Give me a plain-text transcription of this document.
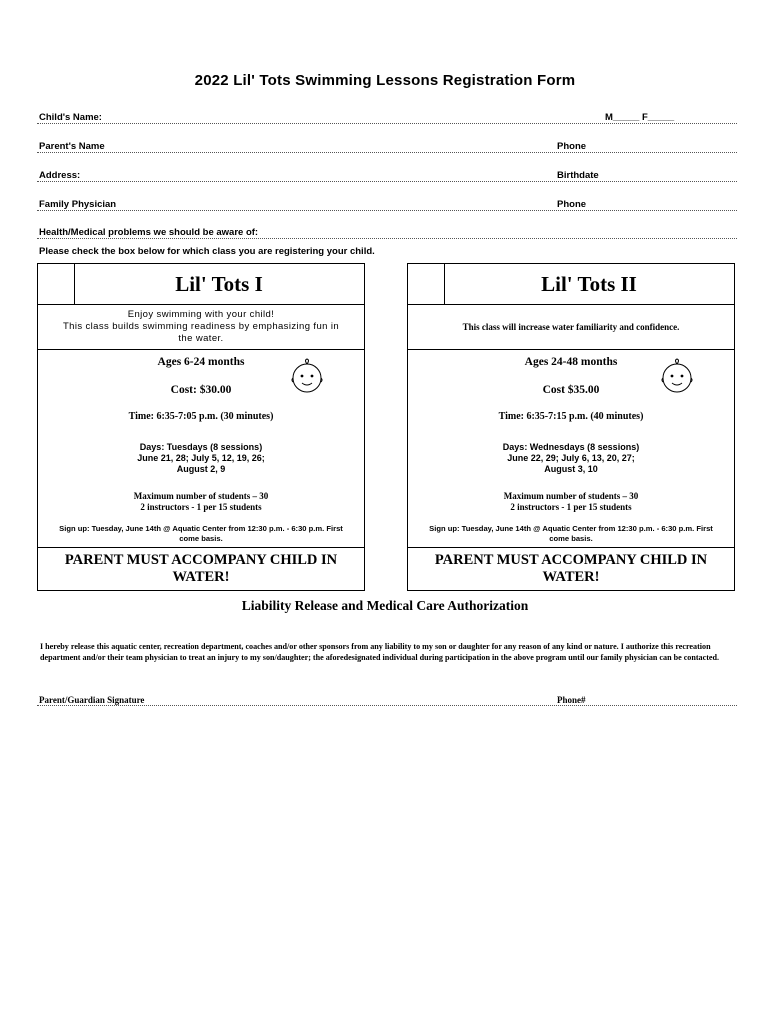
2022 Lil' Tots Swimming Lessons Registration Form
Child's Name:	M_____ F_____
Parent's Name	Phone
Address:	Birthdate
Family Physician	Phone
Health/Medical problems we should be aware of:
Please check the box below for which class you are registering your child.
Lil' Tots I
Enjoy swimming with your child!
This class builds swimming readiness by emphasizing fun in
the water.
Ages 6-24 months
Cost: $30.00
Time: 6:35-7:05 p.m. (30 minutes)
Days: Tuesdays (8 sessions)
June 21, 28; July 5, 12, 19, 26;
August 2, 9
Maximum number of students – 30
2 instructors - 1 per 15 students
Sign up: Tuesday, June 14th @ Aquatic Center from 12:30 p.m. - 6:30 p.m. First
come basis.
PARENT MUST ACCOMPANY CHILD IN
WATER!
Lil' Tots II
This class will increase water familiarity and confidence.
Ages 24-48 months
Cost $35.00
Time: 6:35-7:15 p.m. (40 minutes)
Days: Wednesdays (8 sessions)
June 22, 29; July 6, 13, 20, 27;
August 3, 10
Maximum number of students – 30
2 instructors - 1 per 15 students
Sign up: Tuesday, June 14th @ Aquatic Center from 12:30 p.m. - 6:30 p.m. First
come basis.
PARENT MUST ACCOMPANY CHILD IN
WATER!
Liability Release and Medical Care Authorization
I hereby release this aquatic center, recreation department, coaches and/or other sponsors from any liability to my son or daughter for any reason of any kind or nature. I authorize this recreation department and/or their team physician to treat an injury to my son/daughter; the aforedesignated individual during participation in the above program until our family physician can be contacted.
Parent/Guardian Signature	Phone#
